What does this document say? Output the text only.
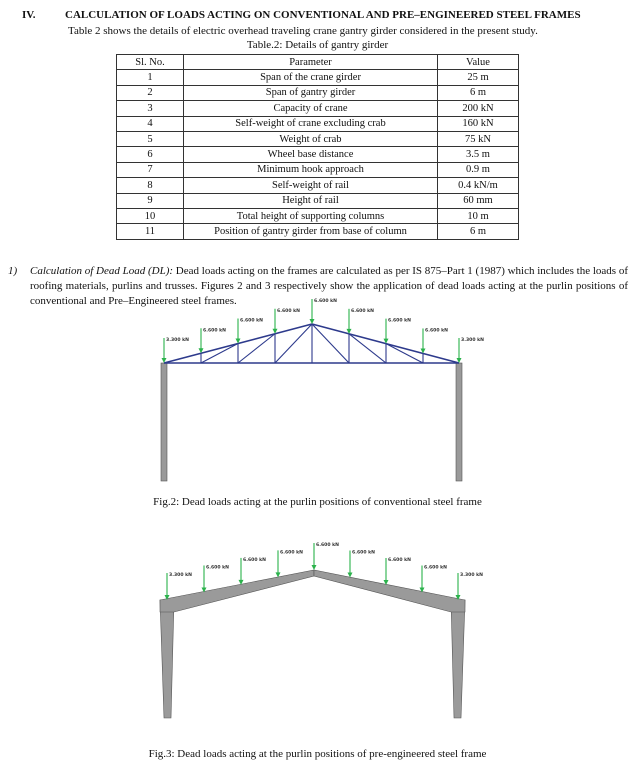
IV.	CALCULATION OF LOADS ACTING ON CONVENTIONAL AND PRE–ENGINEERED STEEL FRAMES
Table 2 shows the details of electric overhead traveling crane gantry girder considered in the present study.
Table.2: Details of gantry girder
Sl. No.	Parameter	Value
1	Span of the crane girder	25 m
2	Span of gantry girder	6 m
3	Capacity of crane	200 kN
4	Self-weight of crane excluding crab	160 kN
5	Weight of crab	75 kN
6	Wheel base distance	3.5 m
7	Minimum hook approach	0.9 m
8	Self-weight of rail	0.4 kN/m
9	Height of rail	60 mm
10	Total height of supporting columns	10 m
11	Position of gantry girder from base of column	6 m
1) Calculation of Dead Load (DL): Dead loads acting on the frames are calculated as per IS 875–Part 1 (1987) which includes the loads of roofing materials, purlins and trusses. Figures 2 and 3 respectively show the application of dead loads acting at the purlin positions of conventional and Pre–Engineered steel frames.
3.300 kN
6.600 kN
6.600 kN
6.600 kN
6.600 kN
6.600 kN
6.600 kN
6.600 kN
3.300 kN
Fig.2: Dead loads acting at the purlin positions of conventional steel frame
3.300 kN
6.600 kN
6.600 kN
6.600 kN
6.600 kN
6.600 kN
6.600 kN
6.600 kN
3.300 kN
Fig.3: Dead loads acting at the purlin positions of pre-engineered steel frame
